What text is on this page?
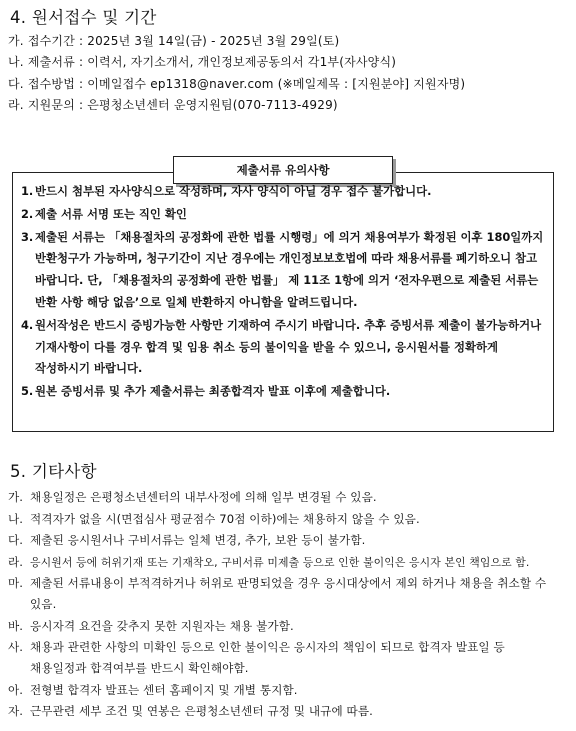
4. 원서접수 및 기간
가. 접수기간 : 2025년 3월 14일(금) - 2025년 3월 29일(토)
나. 제출서류 : 이력서, 자기소개서, 개인정보제공동의서 각1부(자사양식)
다. 접수방법 : 이메일접수 ep1318@naver.com (※메일제목 : [지원분야] 지원자명)
라. 지원문의 : 은평청소년센터 운영지원팀(070-7113-4929)
제출서류 유의사항
1. 반드시 첨부된 자사양식으로 작성하며, 자사 양식이 아닐 경우 접수 불가합니다.
2. 제출 서류 서명 또는 직인 확인
3. 제출된 서류는 「채용절차의 공정화에 관한 법률 시행령」에 의거 채용여부가 확정된 이후 180일까지 반환청구가 가능하며, 청구기간이 지난 경우에는 개인정보보호법에 따라 채용서류를 폐기하오니 참고 바랍니다. 단, 「채용절차의 공정화에 관한 법률」 제 11조 1항에 의거 ‘전자우편으로 제출된 서류는 반환 사항 해당 없음’으로 일체 반환하지 아니함을 알려드립니다.
4. 원서작성은 반드시 증빙가능한 사항만 기재하여 주시기 바랍니다. 추후 증빙서류 제출이 불가능하거나 기재사항이 다를 경우 합격 및 임용 취소 등의 불이익을 받을 수 있으니, 응시원서를 정확하게 작성하시기 바랍니다.
5. 원본 증빙서류 및 추가 제출서류는 최종합격자 발표 이후에 제출합니다.
5. 기타사항
가. 채용일정은 은평청소년센터의 내부사정에 의해 일부 변경될 수 있음.
나. 적격자가 없을 시(면접심사 평균점수 70점 이하)에는 채용하지 않을 수 있음.
다. 제출된 응시원서나 구비서류는 일체 변경, 추가, 보완 등이 불가함.
라. 응시원서 등에 허위기재 또는 기재착오, 구비서류 미제출 등으로 인한 불이익은 응시자 본인 책임으로 함.
마. 제출된 서류내용이 부적격하거나 허위로 판명되었을 경우 응시대상에서 제외 하거나 채용을 취소할 수 있음.
바. 응시자격 요건을 갖추지 못한 지원자는 채용 불가함.
사. 채용과 관련한 사항의 미확인 등으로 인한 불이익은 응시자의 책임이 되므로 합격자 발표일 등 채용일정과 합격여부를 반드시 확인해야함.
아. 전형별 합격자 발표는 센터 홈페이지 및 개별 통지함.
자. 근무관련 세부 조건 및 연봉은 은평청소년센터 규정 및 내규에 따름.
